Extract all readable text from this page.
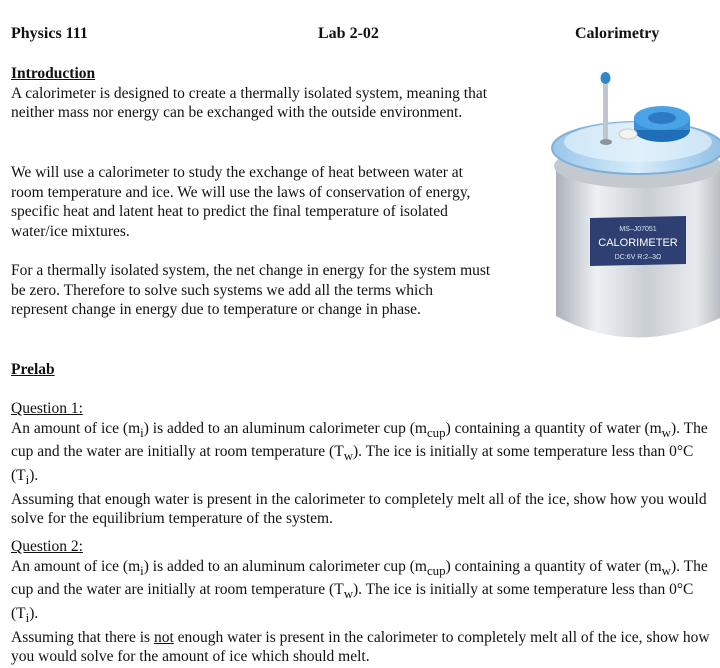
Physics 111	Lab 2-02	Calorimetry
Introduction

A calorimeter is designed to create a thermally isolated system, meaning that neither mass nor energy can be exchanged with the outside environment.

We will use a calorimeter to study the exchange of heat between water at room temperature and ice. We will use the laws of conservation of energy, specific heat and latent heat to predict the final temperature of isolated water/ice mixtures.

For a thermally isolated system, the net change in energy for the system must be zero. Therefore to solve such systems we add all the terms which represent change in energy due to temperature or change in phase.

MS–J07051
CALORIMETER
DC:6V R:2–3Ω
Prelab
Question 1:

An amount of ice $(m_i)$ is added to an aluminum calorimeter cup $(m_{cup})$ containing a quantity of water $(m_w)$. The cup and the water are initially at room temperature $(T_w)$. The ice is initially at some temperature less than 0°C $(T_i)$.

Assuming that enough water is present in the calorimeter to completely melt all of the ice, show how you would solve for the equilibrium temperature of the system.

Question 2:

An amount of ice $(m_i)$ is added to an aluminum calorimeter cup $(m_{cup})$ containing a quantity of water $(m_w)$. The cup and the water are initially at room temperature $(T_w)$. The ice is initially at some temperature less than 0°C $(T_i)$.

Assuming that there is not enough water is present in the calorimeter to completely melt all of the ice, show how you would solve for the amount of ice which should melt.
